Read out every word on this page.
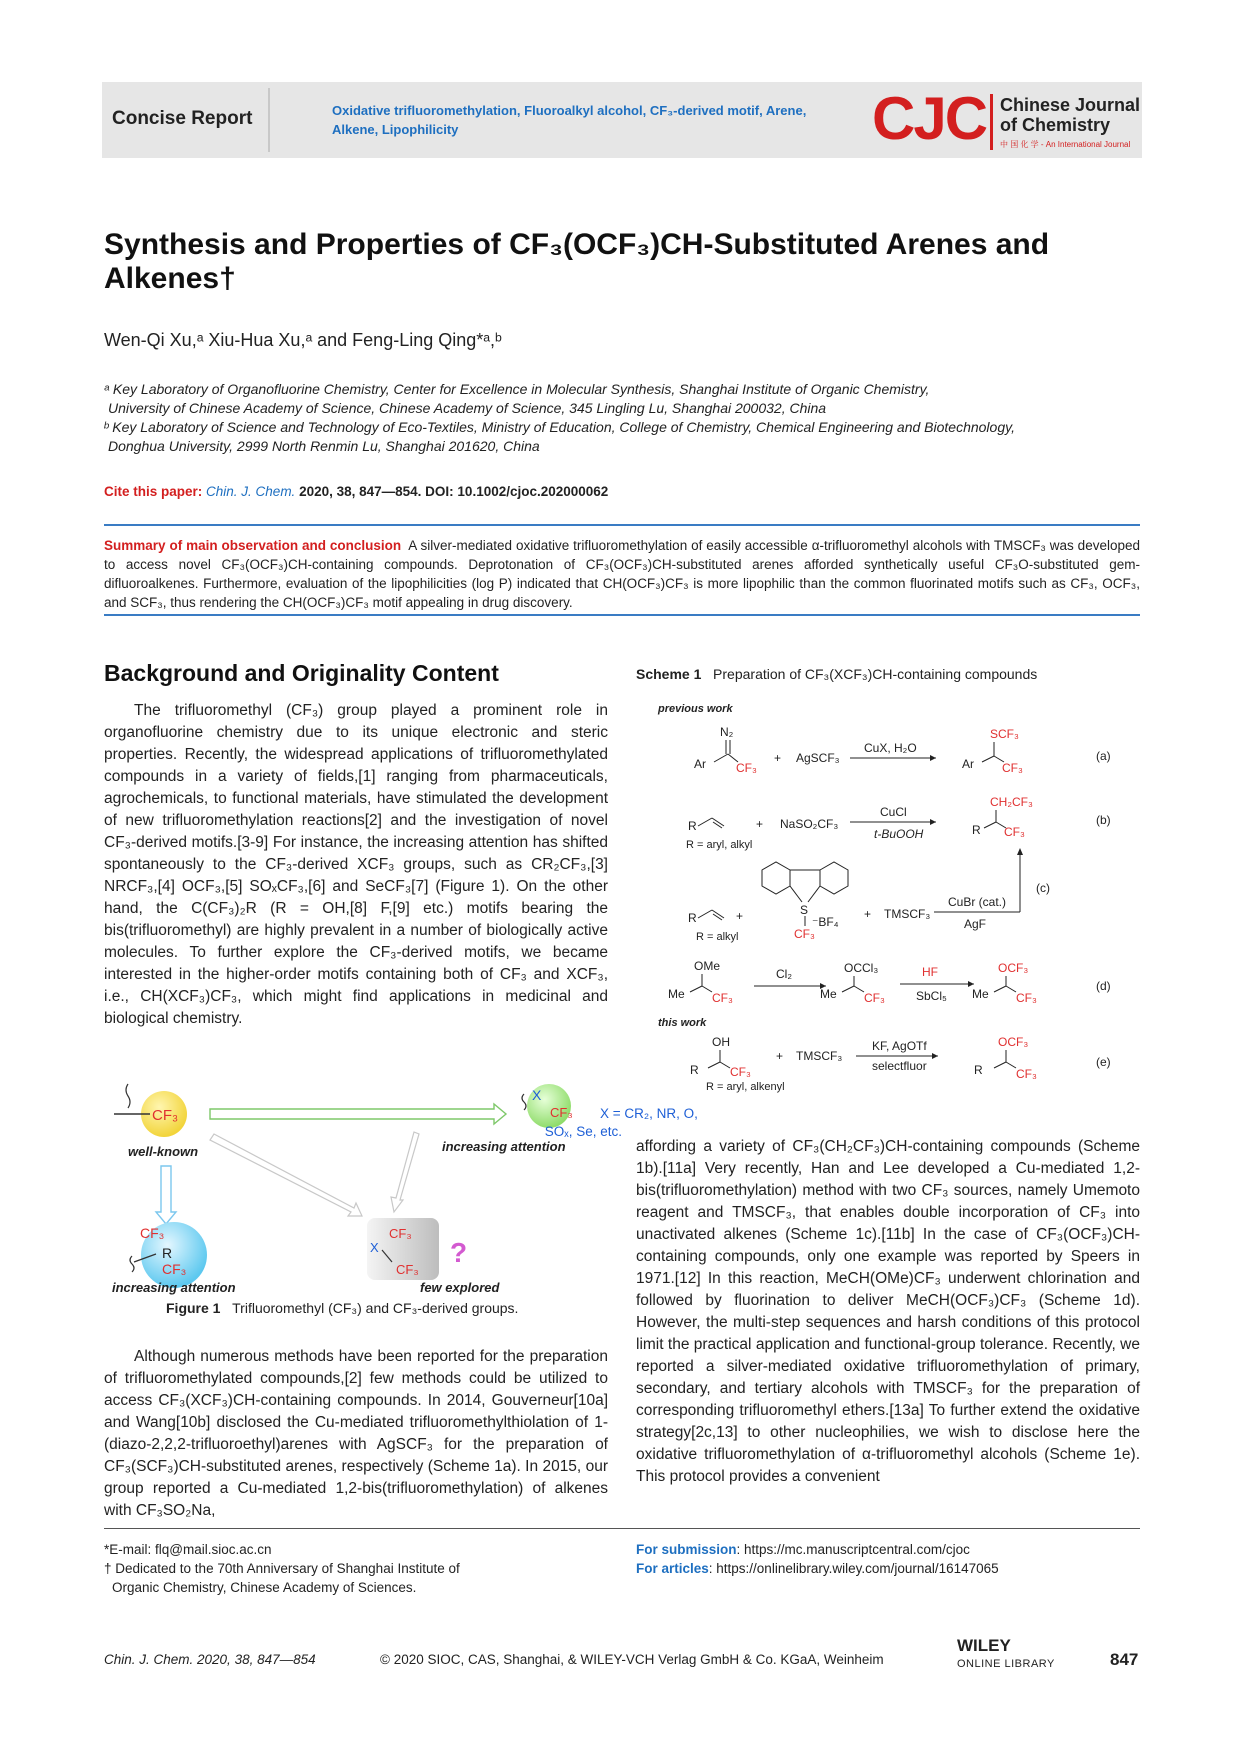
Concise Report	Oxidative trifluoromethylation, Fluoroalkyl alcohol, CF₃-derived motif, Arene, Alkene, Lipophilicity	CJC Chinese Journal
of Chemistry
中 国 化 学 - An International Journal
Synthesis and Properties of CF₃(OCF₃)CH-Substituted Arenes and Alkenes†
Wen-Qi Xu,ᵃ Xiu-Hua Xu,ᵃ and Feng-Ling Qing*ᵃ,ᵇ
ᵃ Key Laboratory of Organofluorine Chemistry, Center for Excellence in Molecular Synthesis, Shanghai Institute of Organic Chemistry,
University of Chinese Academy of Science, Chinese Academy of Science, 345 Lingling Lu, Shanghai 200032, China
ᵇ Key Laboratory of Science and Technology of Eco-Textiles, Ministry of Education, College of Chemistry, Chemical Engineering and Biotechnology,
Donghua University, 2999 North Renmin Lu, Shanghai 201620, China
Cite this paper: Chin. J. Chem. 2020, 38, 847—854. DOI: 10.1002/cjoc.202000062
Summary of main observation and conclusion A silver-mediated oxidative trifluoromethylation of easily accessible α-trifluoromethyl alcohols with TMSCF₃ was developed to access novel CF₃(OCF₃)CH-containing compounds. Deprotonation of CF₃(OCF₃)CH-substituted arenes afforded synthetically useful CF₃O-substituted gem-difluoroalkenes. Furthermore, evaluation of the lipophilicities (log P) indicated that CH(OCF₃)CF₃ is more lipophilic than the common fluorinated motifs such as CF₃, OCF₃, and SCF₃, thus rendering the CH(OCF₃)CF₃ motif appealing in drug discovery.
Background and Originality Content

The trifluoromethyl (CF₃) group played a prominent role in organofluorine chemistry due to its unique electronic and steric properties. Recently, the widespread applications of trifluoromethylated compounds in a variety of fields,[1] ranging from pharmaceuticals, agrochemicals, to functional materials, have stimulated the development of new trifluoromethylation reactions[2] and the investigation of novel CF₃-derived motifs.[3-9] For instance, the increasing attention has shifted spontaneously to the CF₃-derived XCF₃ groups, such as CR₂CF₃,[3] NRCF₃,[4] OCF₃,[5] SOₓCF₃,[6] and SeCF₃[7] (Figure 1). On the other hand, the C(CF₃)₂R (R = OH,[8] F,[9] etc.) motifs bearing the bis(trifluoromethyl) are highly prevalent in a number of biologically active molecules. To further explore the CF₃-derived motifs, we became interested in the higher-order motifs containing both of CF₃ and XCF₃, i.e., CH(XCF₃)CF₃, which might find applications in medicinal and biological chemistry.

CF₃
well-known
X
CF₃ X = CR₂, NR, O,
SOₓ, Se, etc.
increasing attention
CF₃
R
CF₃
increasing attention
CF₃
X
CF₃
?
few explored
Figure 1 Trifluoromethyl (CF₃) and CF₃-derived groups.

Although numerous methods have been reported for the preparation of trifluoromethylated compounds,[2] few methods could be utilized to access CF₃(XCF₃)CH-containing compounds. In 2014, Gouverneur[10a] and Wang[10b] disclosed the Cu-mediated trifluoromethylthiolation of 1-(diazo-2,2,2-trifluoroethyl)arenes with AgSCF₃ for the preparation of CF₃(SCF₃)CH-substituted arenes, respectively (Scheme 1a). In 2015, our group reported a Cu-mediated 1,2-bis(trifluoromethylation) of alkenes with CF₃SO₂Na,

Scheme 1 Preparation of CF₃(XCF₃)CH-containing compounds
previous work
N₂
Ar	CF₃
+ AgSCF₃
CuX, H₂O
SCF₃
Ar CF₃
(a)
R
R = aryl, alkyl
+ NaSO₂CF₃
CuCl
t-BuOOH
CH₂CF₃
R CF₃
(b)
R
R = alkyl
+	S
⁻BF₄
CF₃
+ TMSCF₃
CuBr (cat.)
AgF
(c)
OMe
Me CF₃
Cl₂	OCCl₃
Me CF₃
HF
SbCl₅
OCF₃
Me CF₃
(d)
this work
OH
R	CF₃
R = aryl, alkenyl
+ TMSCF₃
KF, AgOTf
selectfluor
OCF₃
R	CF₃
(e)

affording a variety of CF₃(CH₂CF₃)CH-containing compounds (Scheme 1b).[11a] Very recently, Han and Lee developed a Cu-mediated 1,2-bis(trifluoromethylation) method with two CF₃ sources, namely Umemoto reagent and TMSCF₃, that enables double incorporation of CF₃ into unactivated alkenes (Scheme 1c).[11b] In the case of CF₃(OCF₃)CH-containing compounds, only one example was reported by Speers in 1971.[12] In this reaction, MeCH(OMe)CF₃ underwent chlorination and followed by fluorination to deliver MeCH(OCF₃)CF₃ (Scheme 1d). However, the multi-step sequences and harsh conditions of this protocol limit the practical application and functional-group tolerance. Recently, we reported a silver-mediated oxidative trifluoromethylation of primary, secondary, and tertiary alcohols with TMSCF₃ for the preparation of corresponding trifluoromethyl ethers.[13a] To further extend the oxidative strategy[2c,13] to other nucleophilies, we wish to disclose here the oxidative trifluoromethylation of α-trifluoromethyl alcohols (Scheme 1e). This protocol provides a convenient

*E-mail: flq@mail.sioc.ac.cn
† Dedicated to the 70th Anniversary of Shanghai Institute of
Organic Chemistry, Chinese Academy of Sciences.
For submission: https://mc.manuscriptcentral.com/cjoc
For articles: https://onlinelibrary.wiley.com/journal/16147065
Chin. J. Chem. 2020, 38, 847—854	© 2020 SIOC, CAS, Shanghai, & WILEY-VCH Verlag GmbH & Co. KGaA, Weinheim
WILEY
ONLINE LIBRARY	847
